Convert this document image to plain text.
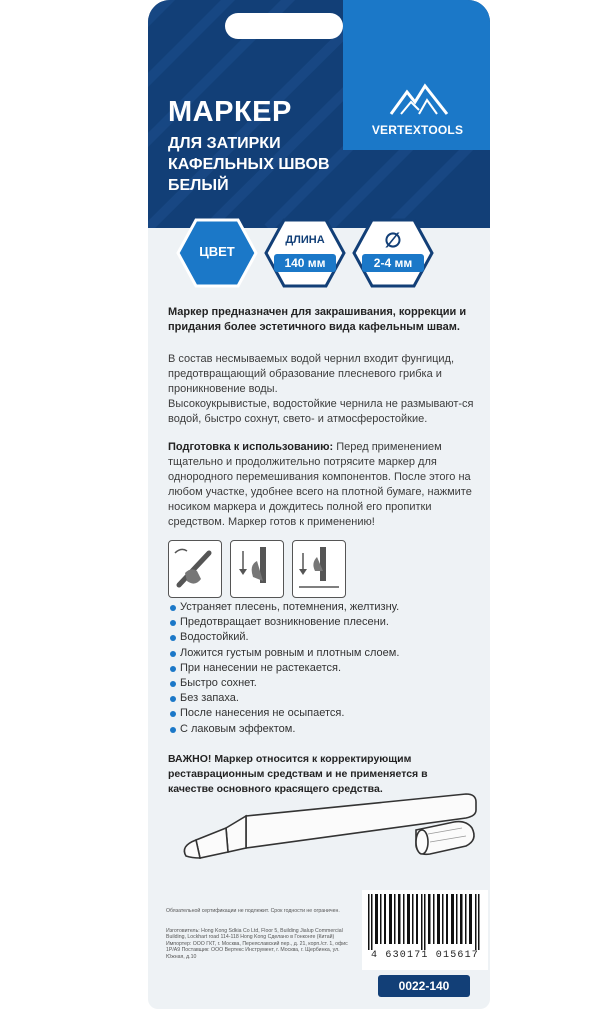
VERTEXTOOLS
МАРКЕР
ДЛЯ ЗАТИРКИ
КАФЕЛЬНЫХ ШВОВ
БЕЛЫЙ
ЦВЕТ
ДЛИНА
140 мм
∅
2-4 мм
Маркер предназначен для закрашивания, коррекции и придания более эстетичного вида кафельным швам.
В состав несмываемых водой чернил входит фунгицид, предотвращающий образование плесневого грибка и проникновение воды.
Высокоукрывистые, водостойкие чернила не размывают-ся водой, быстро сохнут, свето- и атмосферостойкие.
Подготовка к использованию: Перед применением тщательно и продолжительно потрясите маркер для однородного перемешивания компонентов. После этого на любом участке, удобнее всего на плотной бумаге, нажмите носиком маркера и дождитесь полной его пропитки средством. Маркер готов к применению!
Устраняет плесень, потемнения, желтизну.
Предотвращает возникновение плесени.
Водостойкий.
Ложится густым ровным и плотным слоем.
При нанесении не растекается.
Быстро сохнет.
Без запаха.
После нанесения не осыпается.
С лаковым эффектом.
ВАЖНО! Маркер относится к корректирующим реставрационным средствам и не применяется в качестве основного красящего средства.
Обязательной сертификации не подлежит. Срок годности не ограничен.
Изготовитель: Hong Kong Sdkia Co Ltd, Floor 5, Building Jialup Commercial Building, Lockhart road 114-118 Hong Kong Сделано в Гонконге (Китай) Импортер: ООО ГКТ, г. Москва, Переяславский пер., д. 21, корп./ст. 1, офис 1Р/А9 Поставщик: ООО Вертекс Инструмент, г. Москва, г. Щербинка, ул. Южная, д.10	4 630171 015617
0022-140
